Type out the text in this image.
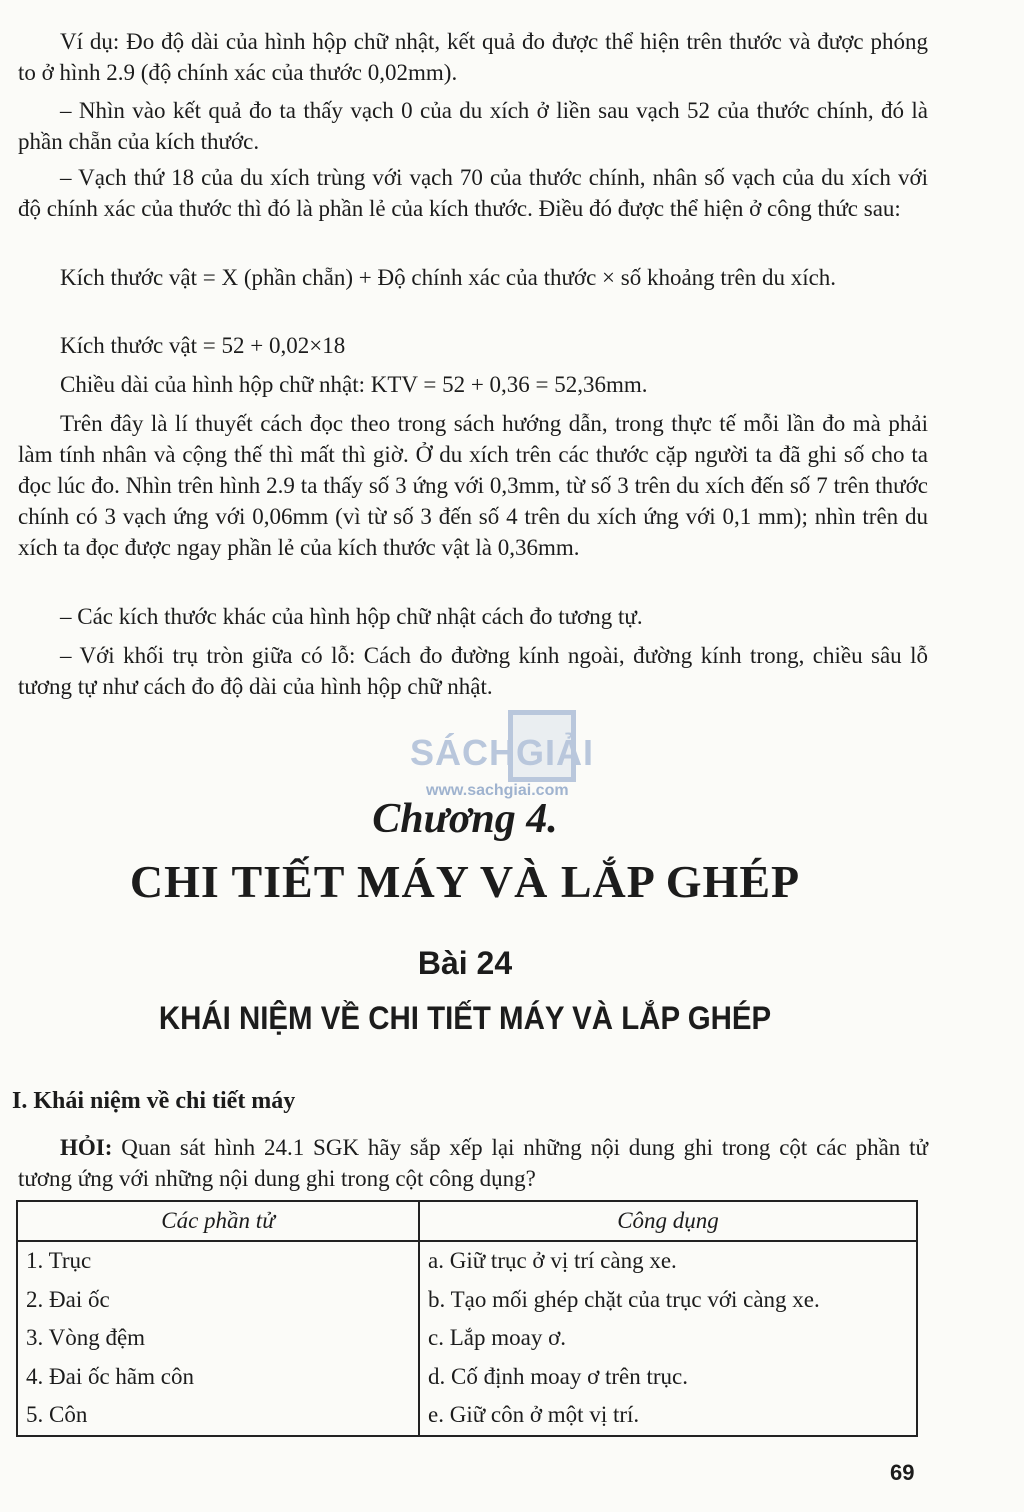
Ví dụ: Đo độ dài của hình hộp chữ nhật, kết quả đo được thể hiện trên thước và được phóng to ở hình 2.9 (độ chính xác của thước 0,02mm).

– Nhìn vào kết quả đo ta thấy vạch 0 của du xích ở liền sau vạch 52 của thước chính, đó là phần chẵn của kích thước.

– Vạch thứ 18 của du xích trùng với vạch 70 của thước chính, nhân số vạch của du xích với độ chính xác của thước thì đó là phần lẻ của kích thước. Điều đó được thể hiện ở công thức sau:

Kích thước vật = X (phần chẵn) + Độ chính xác của thước × số khoảng trên du xích.

Kích thước vật = 52 + 0,02×18

Chiều dài của hình hộp chữ nhật: KTV = 52 + 0,36 = 52,36mm.

Trên đây là lí thuyết cách đọc theo trong sách hướng dẫn, trong thực tế mỗi lần đo mà phải làm tính nhân và cộng thế thì mất thì giờ. Ở du xích trên các thước cặp người ta đã ghi số cho ta đọc lúc đo. Nhìn trên hình 2.9 ta thấy số 3 ứng với 0,3mm, từ số 3 trên du xích đến số 7 trên thước chính có 3 vạch ứng với 0,06mm (vì từ số 3 đến số 4 trên du xích ứng với 0,1 mm); nhìn trên du xích ta đọc được ngay phần lẻ của kích thước vật là 0,36mm.

– Các kích thước khác của hình hộp chữ nhật cách đo tương tự.

– Với khối trụ tròn giữa có lỗ: Cách đo đường kính ngoài, đường kính trong, chiều sâu lỗ tương tự như cách đo độ dài của hình hộp chữ nhật.

SÁCHGIẢI
www.sachgiai.com
Chương 4.
CHI TIẾT MÁY VÀ LẮP GHÉP
Bài 24
KHÁI NIỆM VỀ CHI TIẾT MÁY VÀ LẮP GHÉP
I. Khái niệm về chi tiết máy

HỎI: Quan sát hình 24.1 SGK hãy sắp xếp lại những nội dung ghi trong cột các phần tử tương ứng với những nội dung ghi trong cột công dụng?

Các phần tử	Công dụng
1. Trục	a. Giữ trục ở vị trí càng xe.
2. Đai ốc	b. Tạo mối ghép chặt của trục với càng xe.
3. Vòng đệm	c. Lắp moay ơ.
4. Đai ốc hãm côn	d. Cố định moay ơ trên trục.
5. Côn	e. Giữ côn ở một vị trí.
69
